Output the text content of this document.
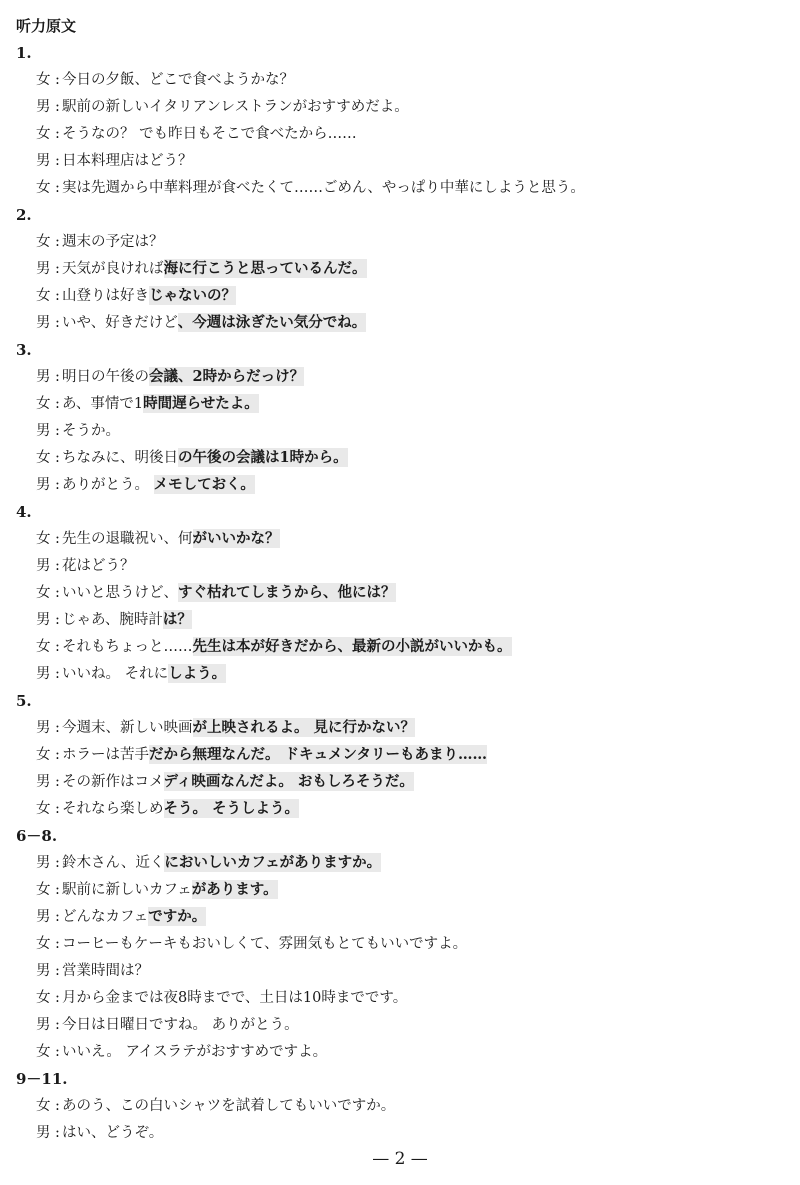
听力原文
1.
女 : 今日の夕飯、どこで食べようかな？
男 : 駅前の新しいイタリアンレストランがおすすめだよ。
女 : そうなの？ でも昨日もそこで食べたから……
男 : 日本料理店はどう？
女 : 実は先週から中華料理が食べたくて……ごめん、やっぱり中華にしようと思う。
2.
女 : 週末の予定は？
男 : 天気が良ければ海に行こうと思っているんだ。
女 : 山登りは好きじゃないの？
男 : いや、好きだけど、今週は泳ぎたい気分でね。
3.
男 : 明日の午後の会議、2時からだっけ？
女 : あ、事情で1時間遅らせたよ。
男 : そうか。
女 : ちなみに、明後日の午後の会議は1時から。
男 : ありがとう。 メモしておく。
4.
女 : 先生の退職祝い、何がいいかな？
男 : 花はどう？
女 : いいと思うけど、すぐ枯れてしまうから、他には？
男 : じゃあ、腕時計は？
女 : それもちょっと……先生は本が好きだから、最新の小説がいいかも。
男 : いいね。 それにしよう。
5.
男 : 今週末、新しい映画が上映されるよ。 見に行かない？
女 : ホラーは苦手だから無理なんだ。 ドキュメンタリーもあまり……
男 : その新作はコメディ映画なんだよ。 おもしろそうだ。
女 : それなら楽しめそう。 そうしよう。
6－8.
男 : 鈴木さん、近くにおいしいカフェがありますか。
女 : 駅前に新しいカフェがあります。
男 : どんなカフェですか。
女 : コーヒーもケーキもおいしくて、雰囲気もとてもいいですよ。
男 : 営業時間は？
女 : 月から金までは夜8時までで、土日は10時までです。
男 : 今日は日曜日ですね。 ありがとう。
女 : いいえ。 アイスラテがおすすめですよ。
9－11.
女 : あのう、この白いシャツを試着してもいいですか。
男 : はい、どうぞ。
— 2 —
